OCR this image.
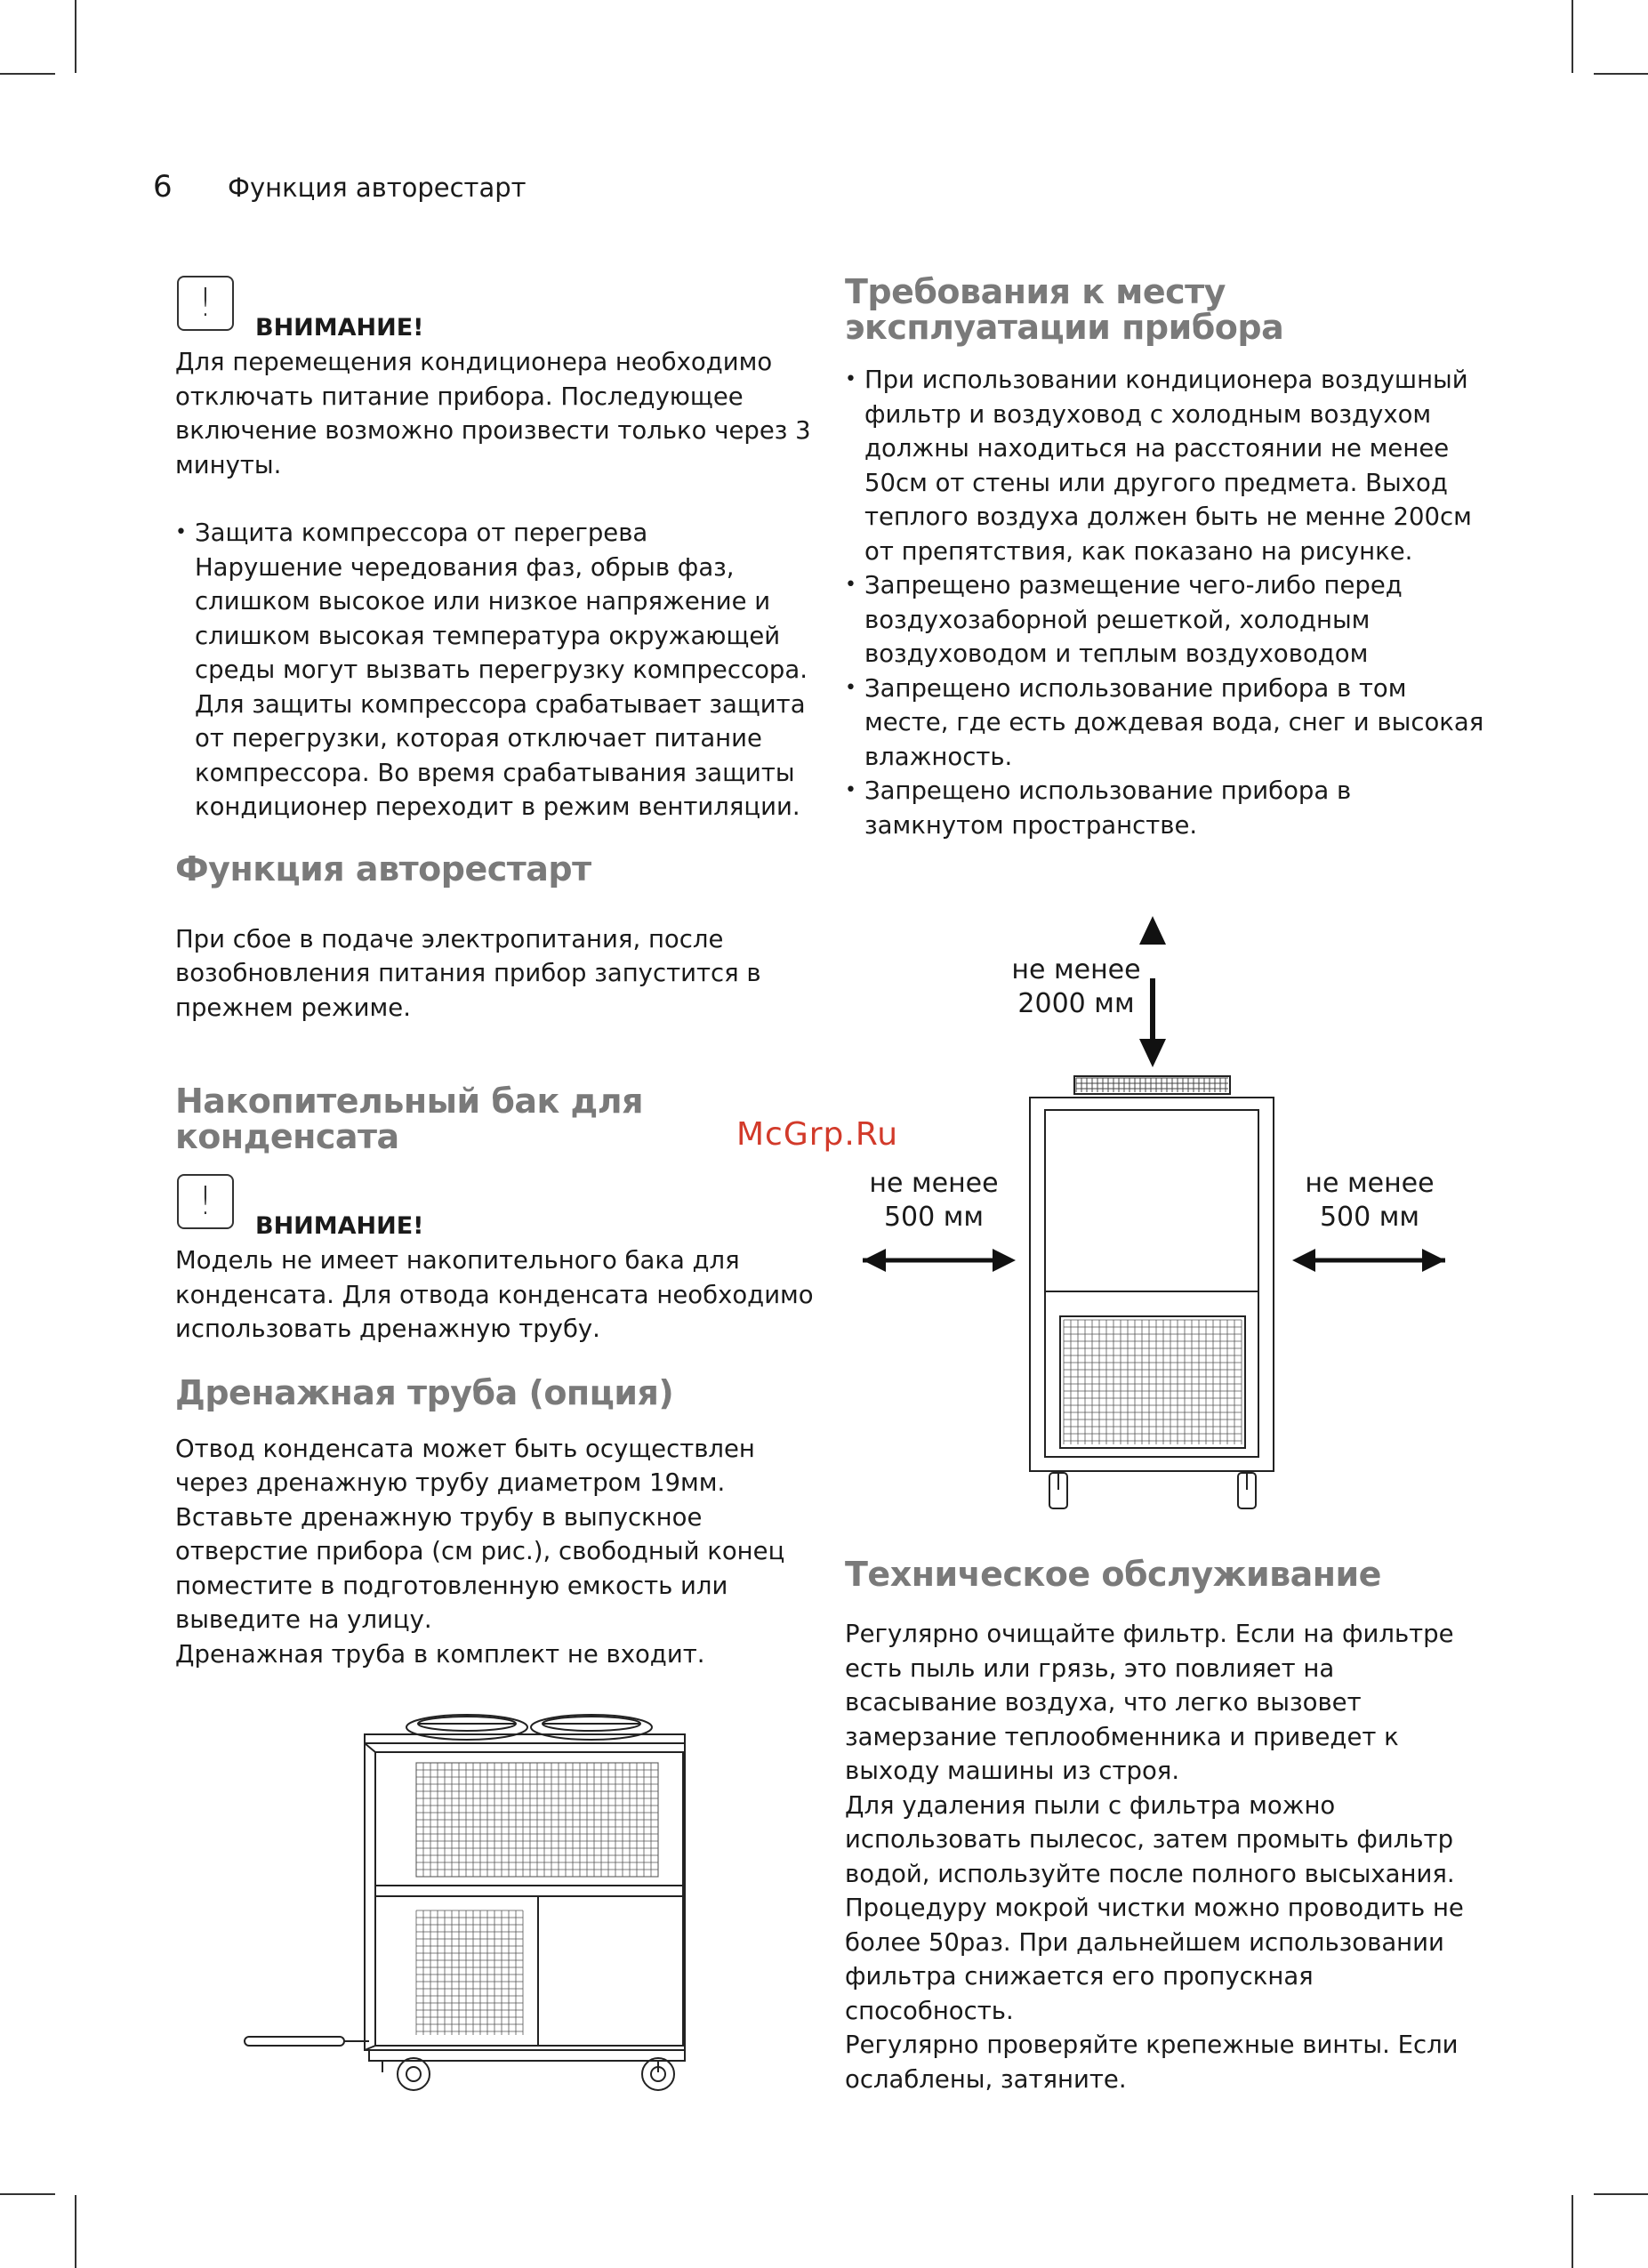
6 Функция авторестарт
!
ВНИМАНИЕ!

Для перемещения кондиционера необходимо отключать питание прибора. Последующее включение возможно произвести только через 3 минуты.

• Защита компрессора от перегрева

Нарушение чередования фаз, обрыв фаз, слишком высокое или низкое напряжение и слишком высокая температура окружающей среды могут вызвать перегрузку компрессора. Для защиты компрессора срабатывает защита от перегрузки, которая отключает питание компрессора. Во время срабатывания защиты кондиционер переходит в режим вентиляции.

Функция авторестарт

При сбое в подаче электропитания, после возобновления питания прибор запустится в прежнем режиме.

Накопительный бак для конденсата
!
ВНИМАНИЕ!

Модель не имеет накопительного бака для конденсата. Для отвода конденсата необходимо использовать дренажную трубу.

Дренажная труба (опция)

Отвод конденсата может быть осуществлен через дренажную трубу диаметром 19мм. Вставьте дренажную трубу в выпускное отверстие прибора (см рис.), свободный конец поместите в подготовленную емкость или выведите на улицу.

Дренажная труба в комплект не входит.

Требования к месту эксплуатации прибора
• При использовании кондиционера воздушный фильтр и воздуховод с холодным воздухом должны находиться на расстоянии не менее 50см от стены или другого предмета. Выход теплого воздуха должен быть не менне 200см от препятствия, как показано на рисунке.
• Запрещено размещение чего-либо перед воздухозаборной решеткой, холодным воздуховодом и теплым воздуховодом
• Запрещено использование прибора в том месте, где есть дождевая вода, снег и высокая влажность.
• Запрещено использование прибора в замкнутом пространстве.
не менее
2000 мм
не менее
500 мм
не менее
500 мм
Техническое обслуживание

Регулярно очищайте фильтр. Если на фильтре есть пыль или грязь, это повлияет на всасывание воздуха, что легко вызовет замерзание теплообменника и приведет к выходу машины из строя.

Для удаления пыли с фильтра можно использовать пылесос, затем промыть фильтр водой, используйте после полного высыхания.

Процедуру мокрой чистки можно проводить не более 50раз. При дальнейшем использовании фильтра снижается его пропускная способность.

Регулярно проверяйте крепежные винты. Если ослаблены, затяните.

McGrp.Ru
